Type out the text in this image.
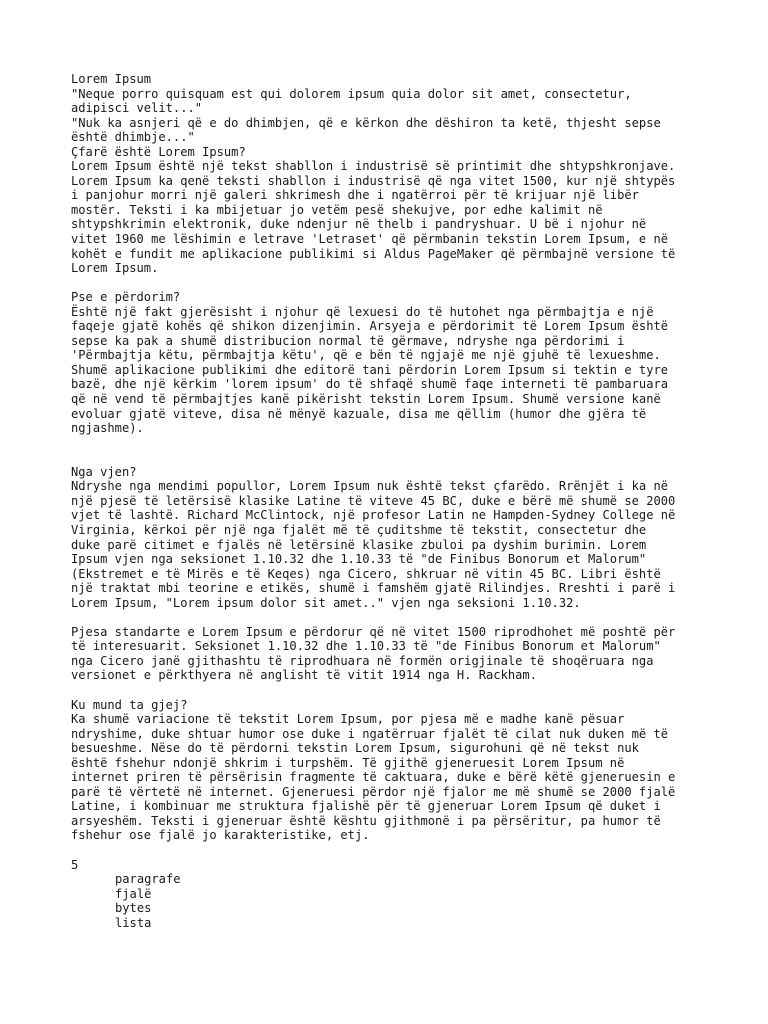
Lorem Ipsum
"Neque porro quisquam est qui dolorem ipsum quia dolor sit amet, consectetur,
adipisci velit..."
"Nuk ka asnjeri që e do dhimbjen, që e kërkon dhe dëshiron ta ketë, thjesht sepse
është dhimbje..."
Çfarë është Lorem Ipsum?
Lorem Ipsum është një tekst shabllon i industrisë së printimit dhe shtypshkronjave.
Lorem Ipsum ka qenë teksti shabllon i industrisë që nga vitet 1500, kur një shtypës
i panjohur morri një galeri shkrimesh dhe i ngatërroi për të krijuar një libër
mostër. Teksti i ka mbijetuar jo vetëm pesë shekujve, por edhe kalimit në
shtypshkrimin elektronik, duke ndenjur në thelb i pandryshuar. U bë i njohur në
vitet 1960 me lëshimin e letrave 'Letraset' që përmbanin tekstin Lorem Ipsum, e në
kohët e fundit me aplikacione publikimi si Aldus PageMaker që përmbajnë versione të
Lorem Ipsum.
Pse e përdorim?
Është një fakt gjerësisht i njohur që lexuesi do të hutohet nga përmbajtja e një
faqeje gjatë kohës që shikon dizenjimin. Arsyeja e përdorimit të Lorem Ipsum është
sepse ka pak a shumë distribucion normal të gërmave, ndryshe nga përdorimi i
'Përmbajtja këtu, përmbajtja këtu', që e bën të ngjajë me një gjuhë të lexueshme.
Shumë aplikacione publikimi dhe editorë tani përdorin Lorem Ipsum si tektin e tyre
bazë, dhe një kërkim 'lorem ipsum' do të shfaqë shumë faqe interneti të pambaruara
që në vend të përmbajtjes kanë pikërisht tekstin Lorem Ipsum. Shumë versione kanë
evoluar gjatë viteve, disa në mënyë kazuale, disa me qëllim (humor dhe gjëra të
ngjashme).
Nga vjen?
Ndryshe nga mendimi popullor, Lorem Ipsum nuk është tekst çfarëdo. Rrënjët i ka në
një pjesë të letërsisë klasike Latine të viteve 45 BC, duke e bërë më shumë se 2000
vjet të lashtë. Richard McClintock, një profesor Latin ne Hampden-Sydney College në
Virginia, kërkoi për një nga fjalët më të çuditshme të tekstit, consectetur dhe
duke parë citimet e fjalës në letërsinë klasike zbuloi pa dyshim burimin. Lorem
Ipsum vjen nga seksionet 1.10.32 dhe 1.10.33 të "de Finibus Bonorum et Malorum"
(Ekstremet e të Mirës e të Keqes) nga Cicero, shkruar në vitin 45 BC. Libri është
një traktat mbi teorine e etikës, shumë i famshëm gjatë Rilindjes. Rreshti i parë i
Lorem Ipsum, "Lorem ipsum dolor sit amet.." vjen nga seksioni 1.10.32.
Pjesa standarte e Lorem Ipsum e përdorur që në vitet 1500 riprodhohet më poshtë për
të interesuarit. Seksionet 1.10.32 dhe 1.10.33 të "de Finibus Bonorum et Malorum"
nga Cicero janë gjithashtu të riprodhuara në formën origjinale të shoqëruara nga
versionet e përkthyera në anglisht të vitit 1914 nga H. Rackham.
Ku mund ta gjej?
Ka shumë variacione të tekstit Lorem Ipsum, por pjesa më e madhe kanë pësuar
ndryshime, duke shtuar humor ose duke i ngatërruar fjalët të cilat nuk duken më të
besueshme. Nëse do të përdorni tekstin Lorem Ipsum, sigurohuni që në tekst nuk
është fshehur ndonjë shkrim i turpshëm. Të gjithë gjeneruesit Lorem Ipsum në
internet priren të përsërisin fragmente të caktuara, duke e bërë këtë gjeneruesin e
parë të vërtetë në internet. Gjeneruesi përdor një fjalor me më shumë se 2000 fjalë
Latine, i kombinuar me struktura fjalishë për të gjeneruar Lorem Ipsum që duket i
arsyeshëm. Teksti i gjeneruar është kështu gjithmonë i pa përsëritur, pa humor të
fshehur ose fjalë jo karakteristike, etj.
5
paragrafe
fjalë
bytes
lista
